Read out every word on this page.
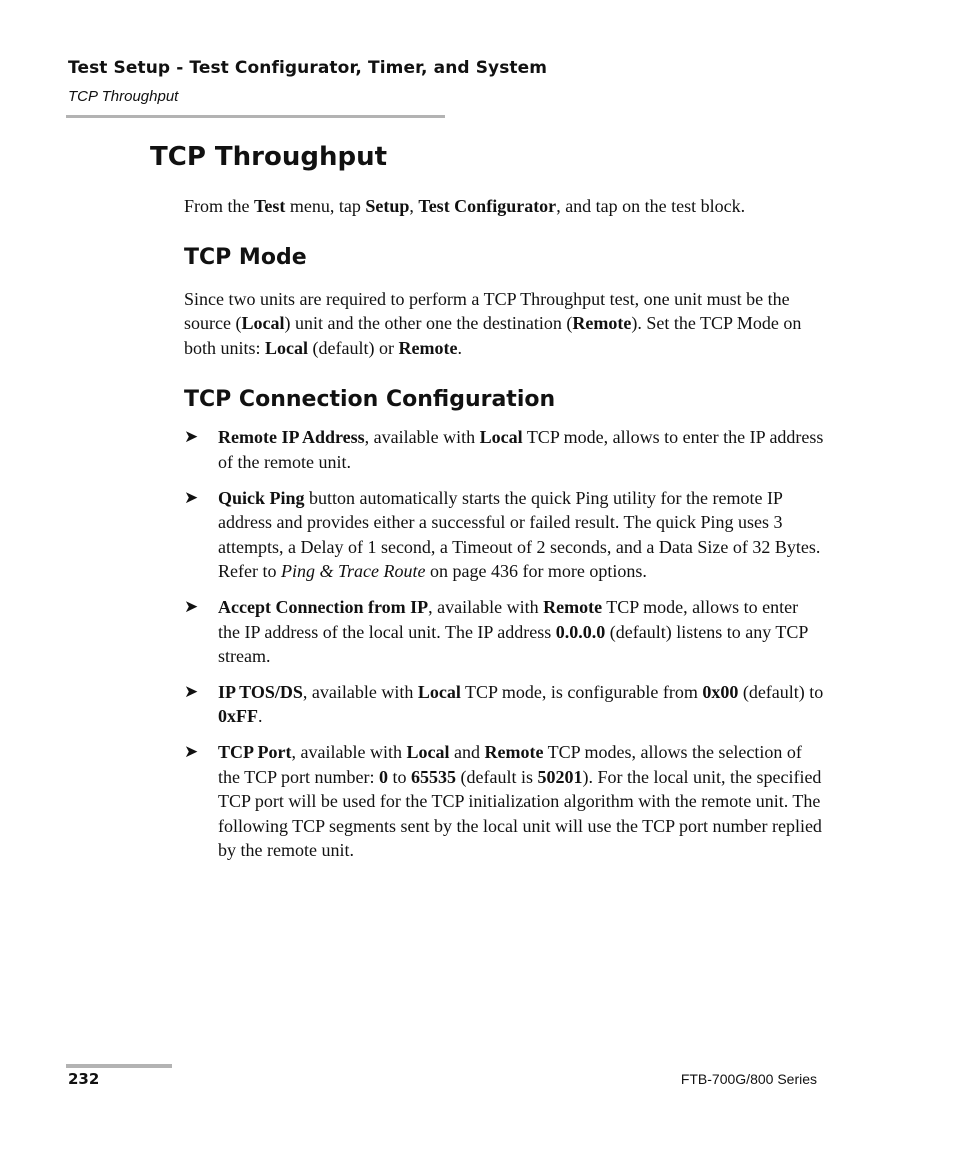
Test Setup - Test Configurator, Timer, and System
TCP Throughput
TCP Throughput

From the Test menu, tap Setup, Test Configurator, and tap on the test block.

TCP Mode

Since two units are required to perform a TCP Throughput test, one unit must be the source (Local) unit and the other one the destination (Remote). Set the TCP Mode on both units: Local (default) or Remote.

TCP Connection Configuration
➤ Remote IP Address, available with Local TCP mode, allows to enter the IP address of the remote unit.
➤ Quick Ping button automatically starts the quick Ping utility for the remote IP address and provides either a successful or failed result. The quick Ping uses 3 attempts, a Delay of 1 second, a Timeout of 2 seconds, and a Data Size of 32 Bytes. Refer to Ping & Trace Route on page 436 for more options.
➤ Accept Connection from IP, available with Remote TCP mode, allows to enter the IP address of the local unit. The IP address 0.0.0.0 (default) listens to any TCP stream.
➤ IP TOS/DS, available with Local TCP mode, is configurable from 0x00 (default) to 0xFF.
➤ TCP Port, available with Local and Remote TCP modes, allows the selection of the TCP port number: 0 to 65535 (default is 50201). For the local unit, the specified TCP port will be used for the TCP initialization algorithm with the remote unit. The following TCP segments sent by the local unit will use the TCP port number replied by the remote unit.
232	FTB-700G/800 Series
